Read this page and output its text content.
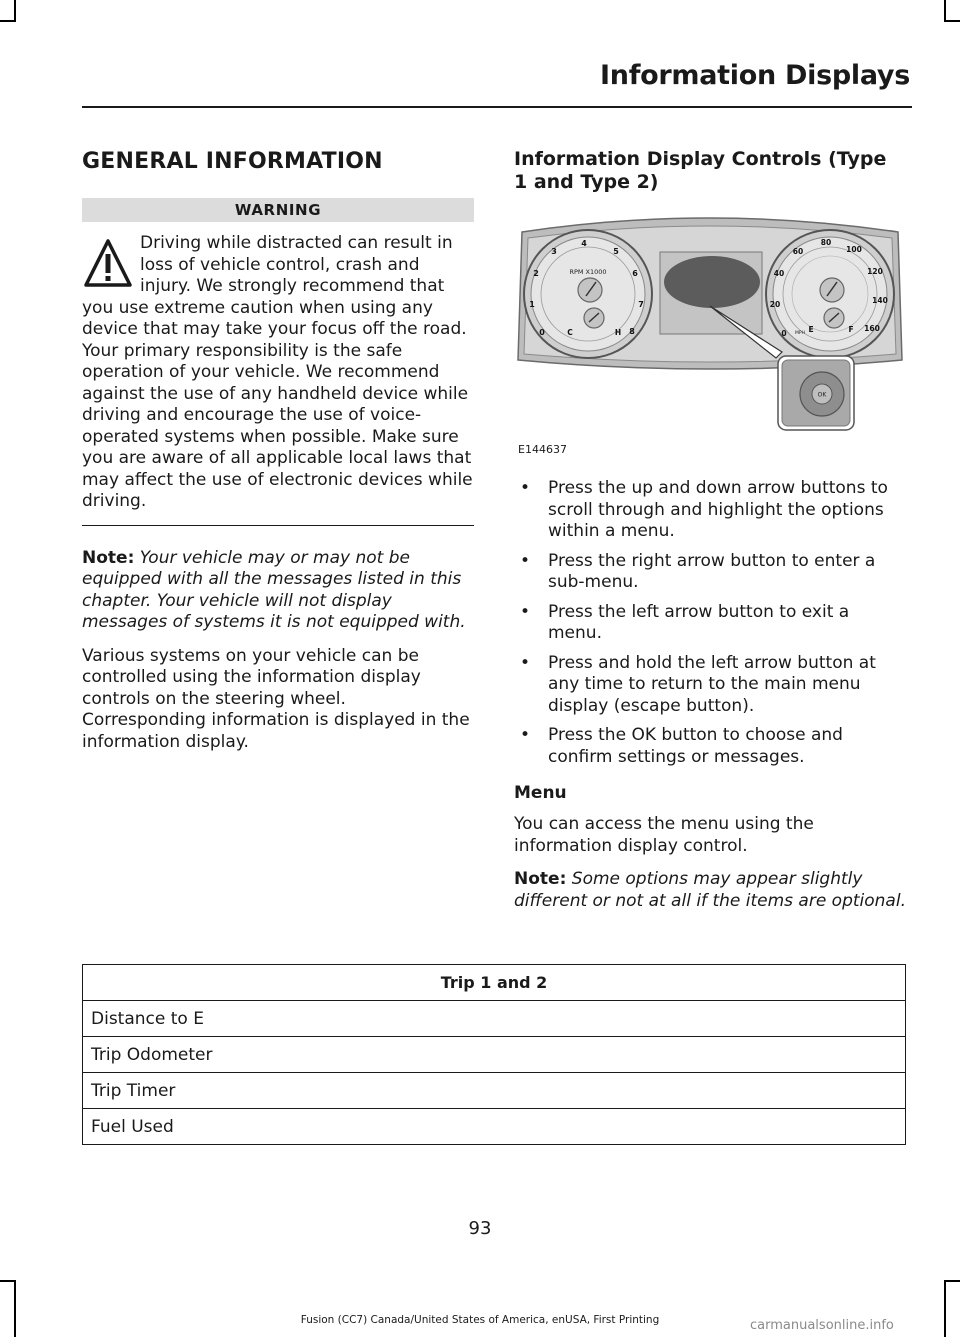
Information Displays
GENERAL INFORMATION
WARNING
Driving while distracted can result in loss of vehicle control, crash and injury. We strongly recommend that you use extreme caution when using any device that may take your focus off the road. Your primary responsibility is the safe operation of your vehicle. We recommend against the use of any handheld device while driving and encourage the use of voice-operated systems when possible. Make sure you are aware of all applicable local laws that may affect the use of electronic devices while driving.

Note: Your vehicle may or may not be equipped with all the messages listed in this chapter. Your vehicle will not display messages of systems it is not equipped with.

Various systems on your vehicle can be controlled using the information display controls on the steering wheel. Corresponding information is displayed in the information display.

Information Display Controls (Type 1 and Type 2)
RPM X1000
0
1
2
3
4
5
6
7
8
C	H	0
20
40
60
80
100
120
140
160
MPH E	F
OK
E144637
• Press the up and down arrow buttons to scroll through and highlight the options within a menu.
• Press the right arrow button to enter a sub-menu.
• Press the left arrow button to exit a menu.
• Press and hold the left arrow button at any time to return to the main menu display (escape button).
• Press the OK button to choose and confirm settings or messages.
Menu

You can access the menu using the information display control.

Note: Some options may appear slightly different or not at all if the items are optional.

Trip 1 and 2
Distance to E
Trip Odometer
Trip Timer
Fuel Used
93
Fusion (CC7) Canada/United States of America, enUSA, First Printing	carmanualsonline.info
